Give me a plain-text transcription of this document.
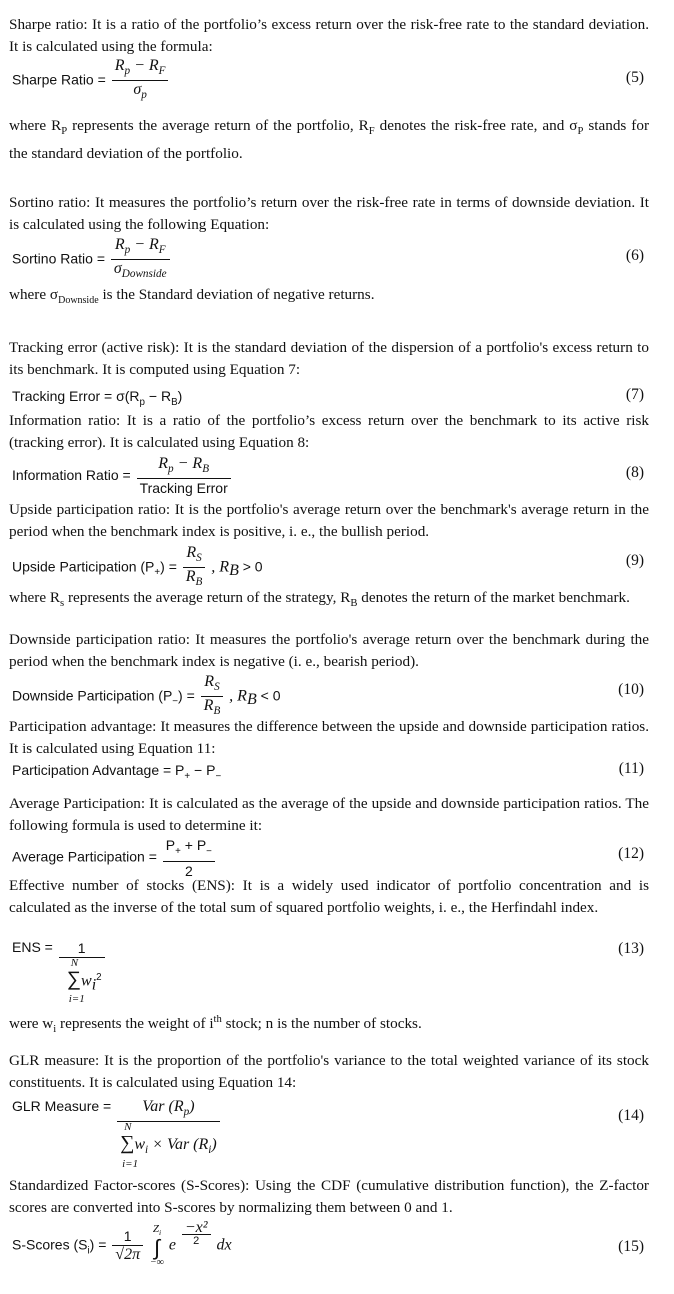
Sharpe ratio: It is a ratio of the portfolio’s excess return over the risk-free rate to the standard deviation. It is calculated using the formula:
Sharpe Ratio = $\frac{R_p - R_F}{\sigma_p}$	(5)
where $R_P$ represents the average return of the portfolio, $R_F$ denotes the risk-free rate, and $\sigma_P$ stands for the standard deviation of the portfolio.
Sortino ratio: It measures the portfolio’s return over the risk-free rate in terms of downside deviation. It is calculated using the following Equation:
Sortino Ratio = $\frac{R_p - R_F}{\sigma_{Downside}}$	(6)
where $\sigma_{Downside}$ is the Standard deviation of negative returns.
Tracking error (active risk): It is the standard deviation of the dispersion of a portfolio's excess return to its benchmark. It is computed using Equation 7:
Tracking Error = $\sigma(R_p - R_B)$	(7)
Information ratio: It is a ratio of the portfolio’s excess return over the benchmark to its active risk (tracking error). It is calculated using Equation 8:
Information Ratio = $\frac{R_p - R_B}{\text{Tracking Error}}$	(8)
Upside participation ratio: It is the portfolio's average return over the benchmark's average return in the period when the benchmark index is positive, i. e., the bullish period.
Upside Participation $(P_+) = \frac{R_S}{R_B}$ , $R_B > 0$	(9)
where $R_s$ represents the average return of the strategy, $R_B$ denotes the return of the market benchmark.
Downside participation ratio: It measures the portfolio's average return over the benchmark during the period when the benchmark index is negative (i. e., bearish period).
Downside Participation $(P_-) = \frac{R_S}{R_B}$ , $R_B < 0$	(10)
Participation advantage: It measures the difference between the upside and downside participation ratios. It is calculated using Equation 11:
Participation Advantage = $P_+ - P_-$	(11)
Average Participation: It is calculated as the average of the upside and downside participation ratios. The following formula is used to determine it:
Average Participation = $\frac{P_+ + P_-}{2}$	(12)
Effective number of stocks (ENS): It is a widely used indicator of portfolio concentration and is calculated as the inverse of the total sum of squared portfolio weights, i. e., the Herfindahl index.
ENS = 1
N
$\sum w_i^2$
i=1	(13)
were $w_i$ represents the weight of $i^{th}$ stock; n is the number of stocks.
GLR measure: It is the proportion of the portfolio's variance to the total weighted variance of its stock constituents. It is calculated using Equation 14:
GLR Measure = Var $(R_p)$
N
$\sum w_i$ × Var $(R_i)$
i=1	(14)
Standardized Factor-scores (S-Scores): Using the CDF (cumulative distribution function), the Z-factor scores are converted into S-scores by normalizing them between 0 and 1.
S-Scores $(S_i) = \frac{1}{√2\pi}$
$Z_i$
∫
−∞
e $\frac{\text{−x²}}{2}$ dx	(15)
